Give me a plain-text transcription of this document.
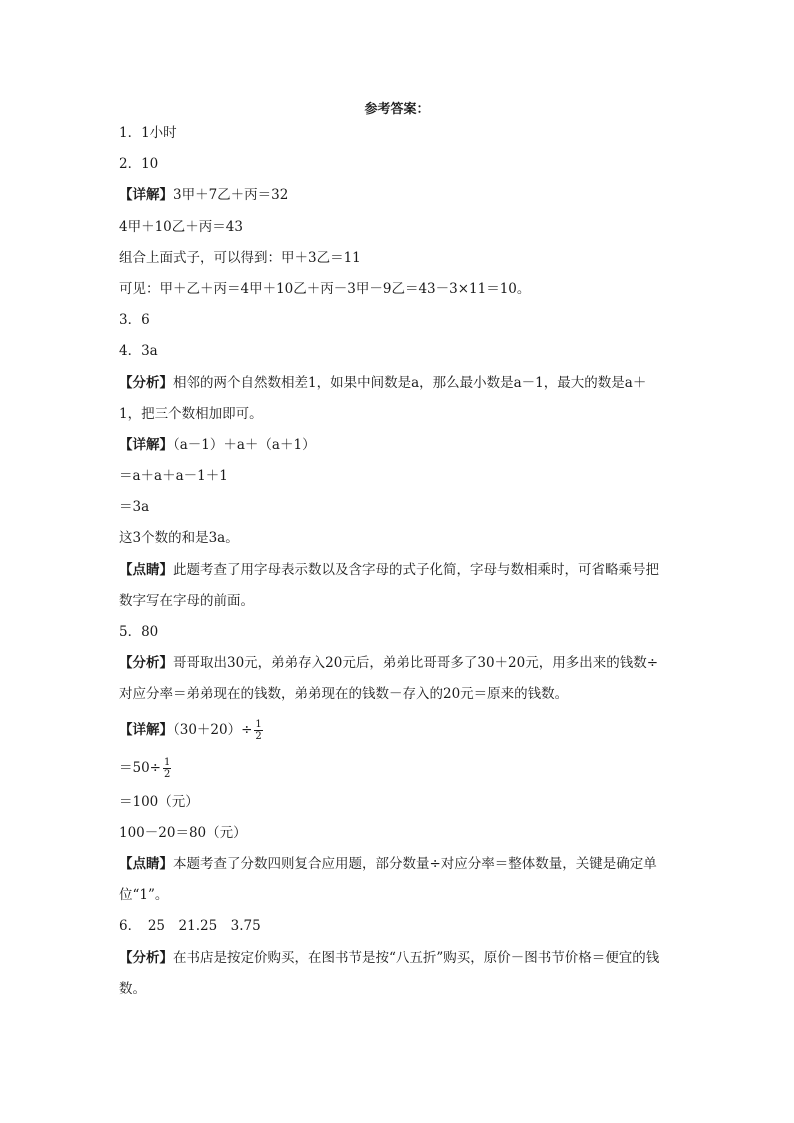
参考答案：
1．1小时
2．10
【详解】3甲＋7乙＋丙＝32
4甲＋10乙＋丙＝43
组合上面式子，可以得到：甲＋3乙＝11
可见：甲＋乙＋丙＝4甲＋10乙＋丙－3甲－9乙＝43－3×11＝10。
3．6
4．3a
【分析】相邻的两个自然数相差1，如果中间数是a，那么最小数是a－1，最大的数是a＋
1，把三个数相加即可。
【详解】（a－1）＋a＋（a＋1）
＝a＋a＋a－1＋1
＝3a
这3个数的和是3a。
【点睛】此题考查了用字母表示数以及含字母的式子化简，字母与数相乘时，可省略乘号把
数字写在字母的前面。
5．80
【分析】哥哥取出30元，弟弟存入20元后，弟弟比哥哥多了30＋20元，用多出来的钱数÷
对应分率＝弟弟现在的钱数，弟弟现在的钱数－存入的20元＝原来的钱数。
【详解】$(30+20)\div \frac{1}{2}$
$=50\div \frac{1}{2}$
＝100（元）
100－20＝80（元）
【点睛】本题考查了分数四则复合应用题，部分数量÷对应分率＝整体数量，关键是确定单
位“1”。
6．　25　21.25　3.75
【分析】在书店是按定价购买，在图书节是按“八五折”购买，原价－图书节价格＝便宜的钱
数。
